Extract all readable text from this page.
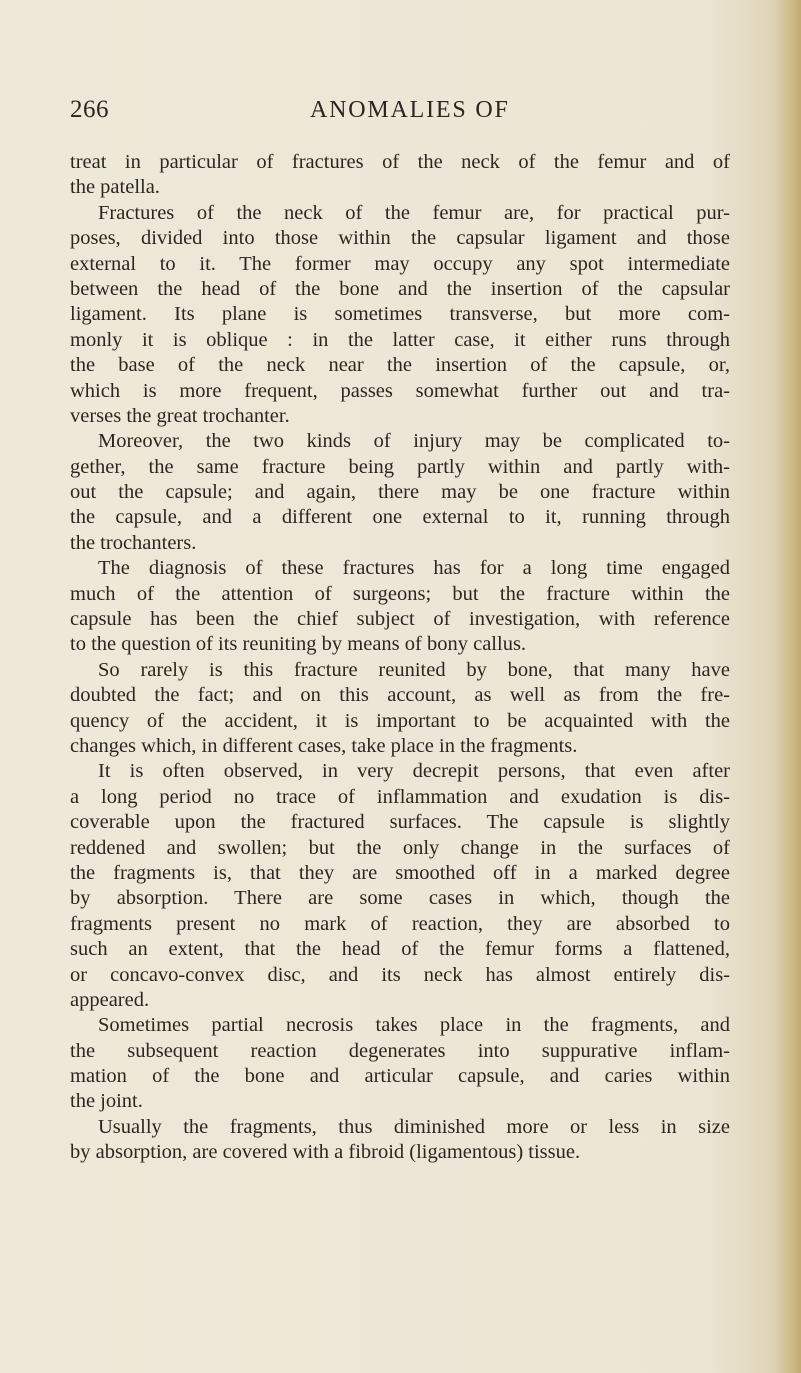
266	ANOMALIES OF
treat in particular of fractures of the neck of the femur and of
the patella.
Fractures of the neck of the femur are, for practical pur-
poses, divided into those within the capsular ligament and those
external to it. The former may occupy any spot intermediate
between the head of the bone and the insertion of the capsular
ligament. Its plane is sometimes transverse, but more com-
monly it is oblique : in the latter case, it either runs through
the base of the neck near the insertion of the capsule, or,
which is more frequent, passes somewhat further out and tra-
verses the great trochanter.
Moreover, the two kinds of injury may be complicated to-
gether, the same fracture being partly within and partly with-
out the capsule; and again, there may be one fracture within
the capsule, and a different one external to it, running through
the trochanters.
The diagnosis of these fractures has for a long time engaged
much of the attention of surgeons; but the fracture within the
capsule has been the chief subject of investigation, with reference
to the question of its reuniting by means of bony callus.
So rarely is this fracture reunited by bone, that many have
doubted the fact; and on this account, as well as from the fre-
quency of the accident, it is important to be acquainted with the
changes which, in different cases, take place in the fragments.
It is often observed, in very decrepit persons, that even after
a long period no trace of inflammation and exudation is dis-
coverable upon the fractured surfaces. The capsule is slightly
reddened and swollen; but the only change in the surfaces of
the fragments is, that they are smoothed off in a marked degree
by absorption. There are some cases in which, though the
fragments present no mark of reaction, they are absorbed to
such an extent, that the head of the femur forms a flattened,
or concavo-convex disc, and its neck has almost entirely dis-
appeared.
Sometimes partial necrosis takes place in the fragments, and
the subsequent reaction degenerates into suppurative inflam-
mation of the bone and articular capsule, and caries within
the joint.
Usually the fragments, thus diminished more or less in size
by absorption, are covered with a fibroid (ligamentous) tissue.
